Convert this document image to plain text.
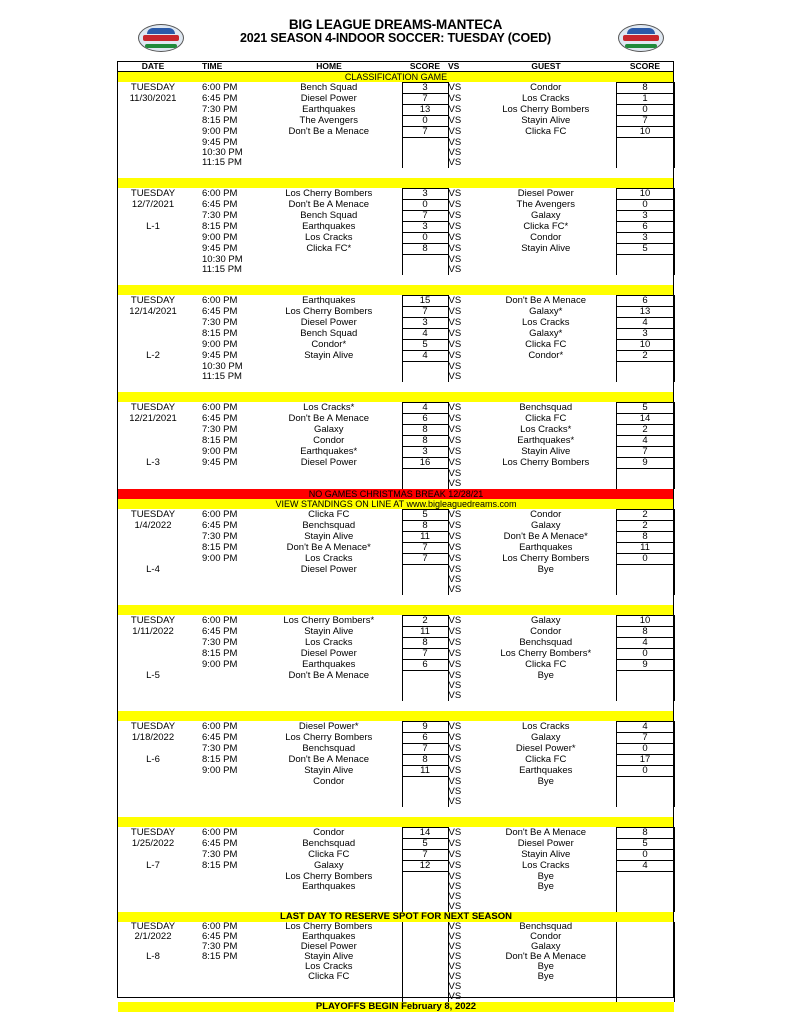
BIG LEAGUE DREAMS-MANTECA
2021 SEASON 4-INDOOR SOCCER: TUESDAY (COED)
DATE	TIME	HOME	SCORE	VS	GUEST	SCORE
CLASSIFICATION GAME						
TUESDAY	6:00 PM	Bench Squad	3	VS	Condor	8
11/30/2021	6:45 PM	Diesel Power	7	VS	Los Cracks	1
	7:30 PM	Earthquakes	13	VS	Los Cherry Bombers	0
	8:15 PM	The Avengers	0	VS	Stayin Alive	7
	9:00 PM	Don't Be a Menace	7	VS	Clicka FC	10
	9:45 PM			VS		
	10:30 PM			VS		
	11:15 PM			VS		

TUESDAY	6:00 PM	Los Cherry Bombers	3	VS	Diesel Power	10
12/7/2021	6:45 PM	Don't Be A Menace	0	VS	The Avengers	0
	7:30 PM	Bench Squad	7	VS	Galaxy	3
L-1	8:15 PM	Earthquakes	3	VS	Clicka FC*	6
	9:00 PM	Los Cracks	0	VS	Condor	3
	9:45 PM	Clicka FC*	8	VS	Stayin Alive	5
	10:30 PM			VS		
	11:15 PM			VS		

TUESDAY	6:00 PM	Earthquakes	15	VS	Don't Be A Menace	6
12/14/2021	6:45 PM	Los Cherry Bombers	7	VS	Galaxy*	13
	7:30 PM	Diesel Power	3	VS	Los Cracks	4
	8:15 PM	Bench Squad	4	VS	Galaxy*	3
	9:00 PM	Condor*	5	VS	Clicka FC	10
L-2	9:45 PM	Stayin Alive	4	VS	Condor*	2
	10:30 PM			VS		
	11:15 PM			VS		

TUESDAY	6:00 PM	Los Cracks*	4	VS	Benchsquad	5
12/21/2021	6:45 PM	Don't Be A Menace	6	VS	Clicka FC	14
	7:30 PM	Galaxy	8	VS	Los Cracks*	2
	8:15 PM	Condor	8	VS	Earthquakes*	4
	9:00 PM	Earthquakes*	3	VS	Stayin Alive	7
L-3	9:45 PM	Diesel Power	16	VS	Los Cherry Bombers	9
				VS		
				VS		
NO GAMES CHRISTMAS BREAK 12/28/21						
VIEW STANDINGS ON LINE AT www.bigleaguedreams.com						
TUESDAY	6:00 PM	Clicka FC	5	VS	Condor	2
1/4/2022	6:45 PM	Benchsquad	8	VS	Galaxy	2
	7:30 PM	Stayin Alive	11	VS	Don't Be A Menace*	8
	8:15 PM	Don't Be A Menace*	7	VS	Earthquakes	11
	9:00 PM	Los Cracks	7	VS	Los Cherry Bombers	0
L-4		Diesel Power		VS	Bye	
				VS		
				VS		

TUESDAY	6:00 PM	Los Cherry Bombers*	2	VS	Galaxy	10
1/11/2022	6:45 PM	Stayin Alive	11	VS	Condor	8
	7:30 PM	Los Cracks	8	VS	Benchsquad	4
	8:15 PM	Diesel Power	7	VS	Los Cherry Bombers*	0
	9:00 PM	Earthquakes	6	VS	Clicka FC	9
L-5		Don't Be A Menace		VS	Bye	
				VS		
				VS		

TUESDAY	6:00 PM	Diesel Power*	9	VS	Los Cracks	4
1/18/2022	6:45 PM	Los Cherry Bombers	6	VS	Galaxy	7
	7:30 PM	Benchsquad	7	VS	Diesel Power*	0
L-6	8:15 PM	Don't Be A Menace	8	VS	Clicka FC	17
	9:00 PM	Stayin Alive	11	VS	Earthquakes	0
		Condor		VS	Bye	
				VS		
				VS		

TUESDAY	6:00 PM	Condor	14	VS	Don't Be A Menace	8
1/25/2022	6:45 PM	Benchsquad	5	VS	Diesel Power	5
	7:30 PM	Clicka FC	7	VS	Stayin Alive	0
L-7	8:15 PM	Galaxy	12	VS	Los Cracks	4
		Los Cherry Bombers		VS	Bye	
		Earthquakes		VS	Bye	
				VS		
				VS		
LAST DAY TO RESERVE SPOT FOR NEXT SEASON						
TUESDAY	6:00 PM	Los Cherry Bombers		VS	Benchsquad	
2/1/2022	6:45 PM	Earthquakes		VS	Condor	
	7:30 PM	Diesel Power		VS	Galaxy	
L-8	8:15 PM	Stayin Alive		VS	Don't Be A Menace	
		Los Cracks		VS	Bye	
		Clicka FC		VS	Bye	
				VS		
				VS		
PLAYOFFS BEGIN February 8, 2022						
